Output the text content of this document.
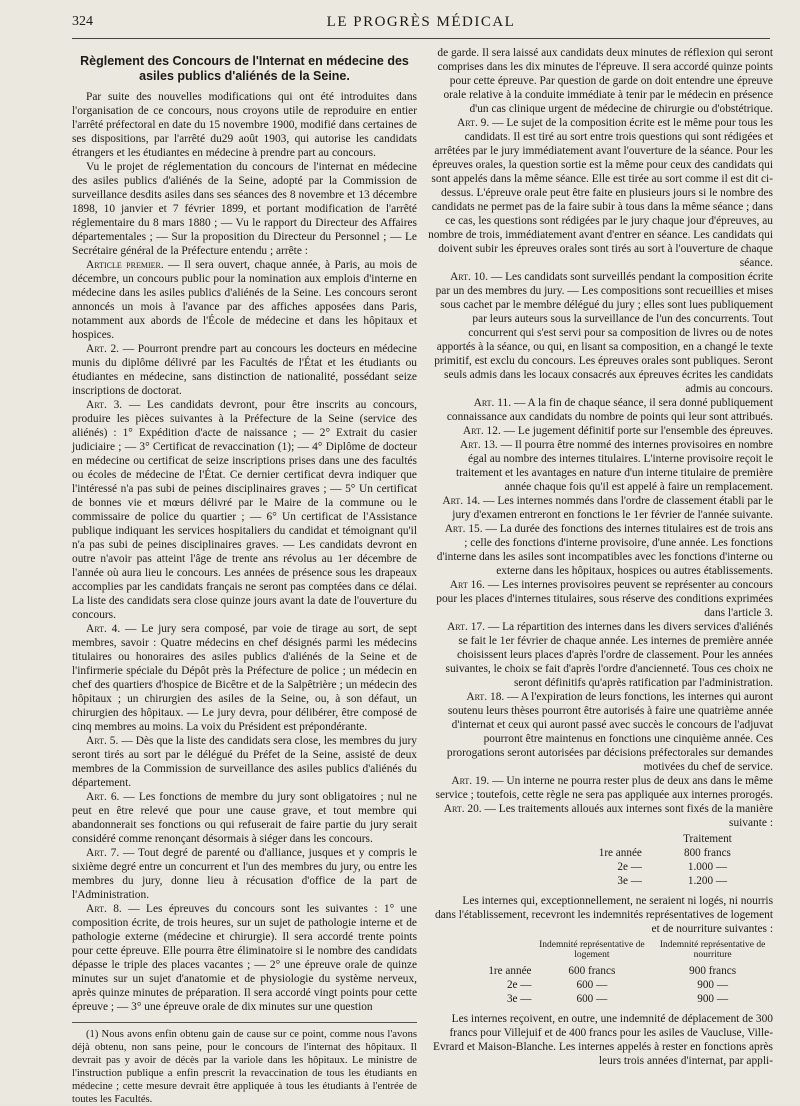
324	LE PROGRÈS MÉDICAL
Règlement des Concours de l'Internat en médecine des asiles publics d'aliénés de la Seine.

Par suite des nouvelles modifications qui ont été introduites dans l'organisation de ce concours, nous croyons utile de reproduire en entier l'arrêté préfectoral en date du 15 novembre 1900, modifié dans certaines de ses dispositions, par l'arrêté du29 août 1903, qui autorise les candidats étrangers et les étudiantes en médecine à prendre part au concours.

Vu le projet de réglementation du concours de l'internat en médecine des asiles publics d'aliénés de la Seine, adopté par la Commission de surveillance desdits asiles dans ses séances des 8 novembre et 13 décembre 1898, 10 janvier et 7 février 1899, et portant modification de l'arrêté réglementaire du 8 mars 1880 ; — Vu le rapport du Directeur des Affaires départementales ; — Sur la proposition du Directeur du Personnel ; — Le Secrétaire général de la Préfecture entendu ; arrête :

Article premier. — Il sera ouvert, chaque année, à Paris, au mois de décembre, un concours public pour la nomination aux emplois d'interne en médecine dans les asiles publics d'aliénés de la Seine. Les concours seront annoncés un mois à l'avance par des affiches apposées dans Paris, notamment aux abords de l'École de médecine et dans les hôpitaux et hospices.

Art. 2. — Pourront prendre part au concours les docteurs en médecine munis du diplôme délivré par les Facultés de l'État et les étudiants ou étudiantes en médecine, sans distinction de nationalité, possédant seize inscriptions de doctorat.

Art. 3. — Les candidats devront, pour être inscrits au concours, produire les pièces suivantes à la Préfecture de la Seine (service des aliénés) : 1° Expédition d'acte de naissance ; — 2° Extrait du casier judiciaire ; — 3° Certificat de revaccination (1); — 4° Diplôme de docteur en médecine ou certificat de seize inscriptions prises dans une des facultés ou écoles de médecine de l'État. Ce dernier certificat devra indiquer que l'intéressé n'a pas subi de peines disciplinaires graves ; — 5° Un certificat de bonnes vie et mœurs délivré par le Maire de la commune ou le commissaire de police du quartier ; — 6° Un certificat de l'Assistance publique indiquant les services hospitaliers du candidat et témoignant qu'il n'a pas subi de peines disciplinaires graves. — Les candidats devront en outre n'avoir pas atteint l'âge de trente ans révolus au 1er décembre de l'année où aura lieu le concours. Les années de présence sous les drapeaux accomplies par les candidats français ne seront pas comptées dans ce délai. La liste des candidats sera close quinze jours avant la date de l'ouverture du concours.

Art. 4. — Le jury sera composé, par voie de tirage au sort, de sept membres, savoir : Quatre médecins en chef désignés parmi les médecins titulaires ou honoraires des asiles publics d'aliénés de la Seine et de l'infirmerie spéciale du Dépôt près la Préfecture de police ; un médecin en chef des quartiers d'hospice de Bicêtre et de la Salpêtrière ; un médecin des hôpitaux ; un chirurgien des asiles de la Seine, ou, à son défaut, un chirurgien des hôpitaux. — Le jury devra, pour délibérer, être composé de cinq membres au moins. La voix du Président est prépondérante.

Art. 5. — Dès que la liste des candidats sera close, les membres du jury seront tirés au sort par le délégué du Préfet de la Seine, assisté de deux membres de la Commission de surveillance des asiles publics d'aliénés du département.

Art. 6. — Les fonctions de membre du jury sont obligatoires ; nul ne peut en être relevé que pour une cause grave, et tout membre qui abandonnerait ses fonctions ou qui refuserait de faire partie du jury serait considéré comme renonçant désormais à siéger dans les concours.

Art. 7. — Tout degré de parenté ou d'alliance, jusques et y compris le sixième degré entre un concurrent et l'un des membres du jury, ou entre les membres du jury, donne lieu à récusation d'office de la part de l'Administration.

Art. 8. — Les épreuves du concours sont les suivantes : 1° une composition écrite, de trois heures, sur un sujet de pathologie interne et de pathologie externe (médecine et chirurgie). Il sera accordé trente points pour cette épreuve. Elle pourra être éliminatoire si le nombre des candidats dépasse le triple des places vacantes ; — 2° une épreuve orale de quinze minutes sur un sujet d'anatomie et de physiologie du système nerveux, après quinze minutes de préparation. Il sera accordé vingt points pour cette épreuve ; — 3° une épreuve orale de dix minutes sur une question

(1) Nous avons enfin obtenu gain de cause sur ce point, comme nous l'avons déjà obtenu, non sans peine, pour le concours de l'internat des hôpitaux. Il devrait pas y avoir de décès par la variole dans les hôpitaux. Le ministre de l'instruction publique a enfin prescrit la revaccination de tous les étudiants en médecine ; cette mesure devrait être appliquée à tous les étudiants à l'entrée de toutes les Facultés.

de garde. Il sera laissé aux candidats deux minutes de réflexion qui seront comprises dans les dix minutes de l'épreuve. Il sera accordé quinze points pour cette épreuve. Par question de garde on doit entendre une épreuve orale relative à la conduite immédiate à tenir par le médecin en présence d'un cas clinique urgent de médecine de chirurgie ou d'obstétrique.

Art. 9. — Le sujet de la composition écrite est le même pour tous les candidats. Il est tiré au sort entre trois questions qui sont rédigées et arrêtées par le jury immédiatement avant l'ouverture de la séance. Pour les épreuves orales, la question sortie est la même pour ceux des candidats qui sont appelés dans la même séance. Elle est tirée au sort comme il est dit ci-dessus. L'épreuve orale peut être faite en plusieurs jours si le nombre des candidats ne permet pas de la faire subir à tous dans la même séance ; dans ce cas, les questions sont rédigées par le jury chaque jour d'épreuves, au nombre de trois, immédiatement avant d'entrer en séance. Les candidats qui doivent subir les épreuves orales sont tirés au sort à l'ouverture de chaque séance.

Art. 10. — Les candidats sont surveillés pendant la composition écrite par un des membres du jury. — Les compositions sont recueillies et mises sous cachet par le membre délégué du jury ; elles sont lues publiquement par leurs auteurs sous la surveillance de l'un des concurrents. Tout concurrent qui s'est servi pour sa composition de livres ou de notes apportés à la séance, ou qui, en lisant sa composition, en a changé le texte primitif, est exclu du concours. Les épreuves orales sont publiques. Seront seuls admis dans les locaux consacrés aux épreuves écrites les candidats admis au concours.

Art. 11. — A la fin de chaque séance, il sera donné publiquement connaissance aux candidats du nombre de points qui leur sont attribués.

Art. 12. — Le jugement définitif porte sur l'ensemble des épreuves.

Art. 13. — Il pourra être nommé des internes provisoires en nombre égal au nombre des internes titulaires. L'interne provisoire reçoit le traitement et les avantages en nature d'un interne titulaire de première année chaque fois qu'il est appelé à faire un remplacement.

Art. 14. — Les internes nommés dans l'ordre de classement établi par le jury d'examen entreront en fonctions le 1er février de l'année suivante.

Art. 15. — La durée des fonctions des internes titulaires est de trois ans ; celle des fonctions d'interne provisoire, d'une année. Les fonctions d'interne dans les asiles sont incompatibles avec les fonctions d'interne ou externe dans les hôpitaux, hospices ou autres établissements.

Art 16. — Les internes provisoires peuvent se représenter au concours pour les places d'internes titulaires, sous réserve des conditions exprimées dans l'article 3.

Art. 17. — La répartition des internes dans les divers services d'aliénés se fait le 1er février de chaque année. Les internes de première année choisissent leurs places d'après l'ordre de classement. Pour les années suivantes, le choix se fait d'après l'ordre d'ancienneté. Tous ces choix ne seront définitifs qu'après ratification par l'administration.

Art. 18. — A l'expiration de leurs fonctions, les internes qui auront soutenu leurs thèses pourront être autorisés à faire une quatrième année d'internat et ceux qui auront passé avec succès le concours de l'adjuvat pourront être maintenus en fonctions une cinquième année. Ces prorogations seront autorisées par décisions préfectorales sur demandes motivées du chef de service.

Art. 19. — Un interne ne pourra rester plus de deux ans dans le même service ; toutefois, cette règle ne sera pas appliquée aux internes prorogés.

Art. 20. — Les traitements alloués aux internes sont fixés de la manière suivante :

	Traitement
1re année	800 francs
2e —	1.000 —
3e —	1.200 —

Les internes qui, exceptionnellement, ne seraient ni logés, ni nourris dans l'établissement, recevront les indemnités représentatives de logement et de nourriture suivantes :

	Indemnité représentative de logement	Indemnité représentative de nourriture
1re année	600 francs	900 francs
2e —	600 —	900 —
3e —	600 —	900 —

Les internes reçoivent, en outre, une indemnité de déplacement de 300 francs pour Villejuif et de 400 francs pour les asiles de Vaucluse, Ville-Evrard et Maison-Blanche. Les internes appelés à rester en fonctions après leurs trois années d'internat, par appli-
